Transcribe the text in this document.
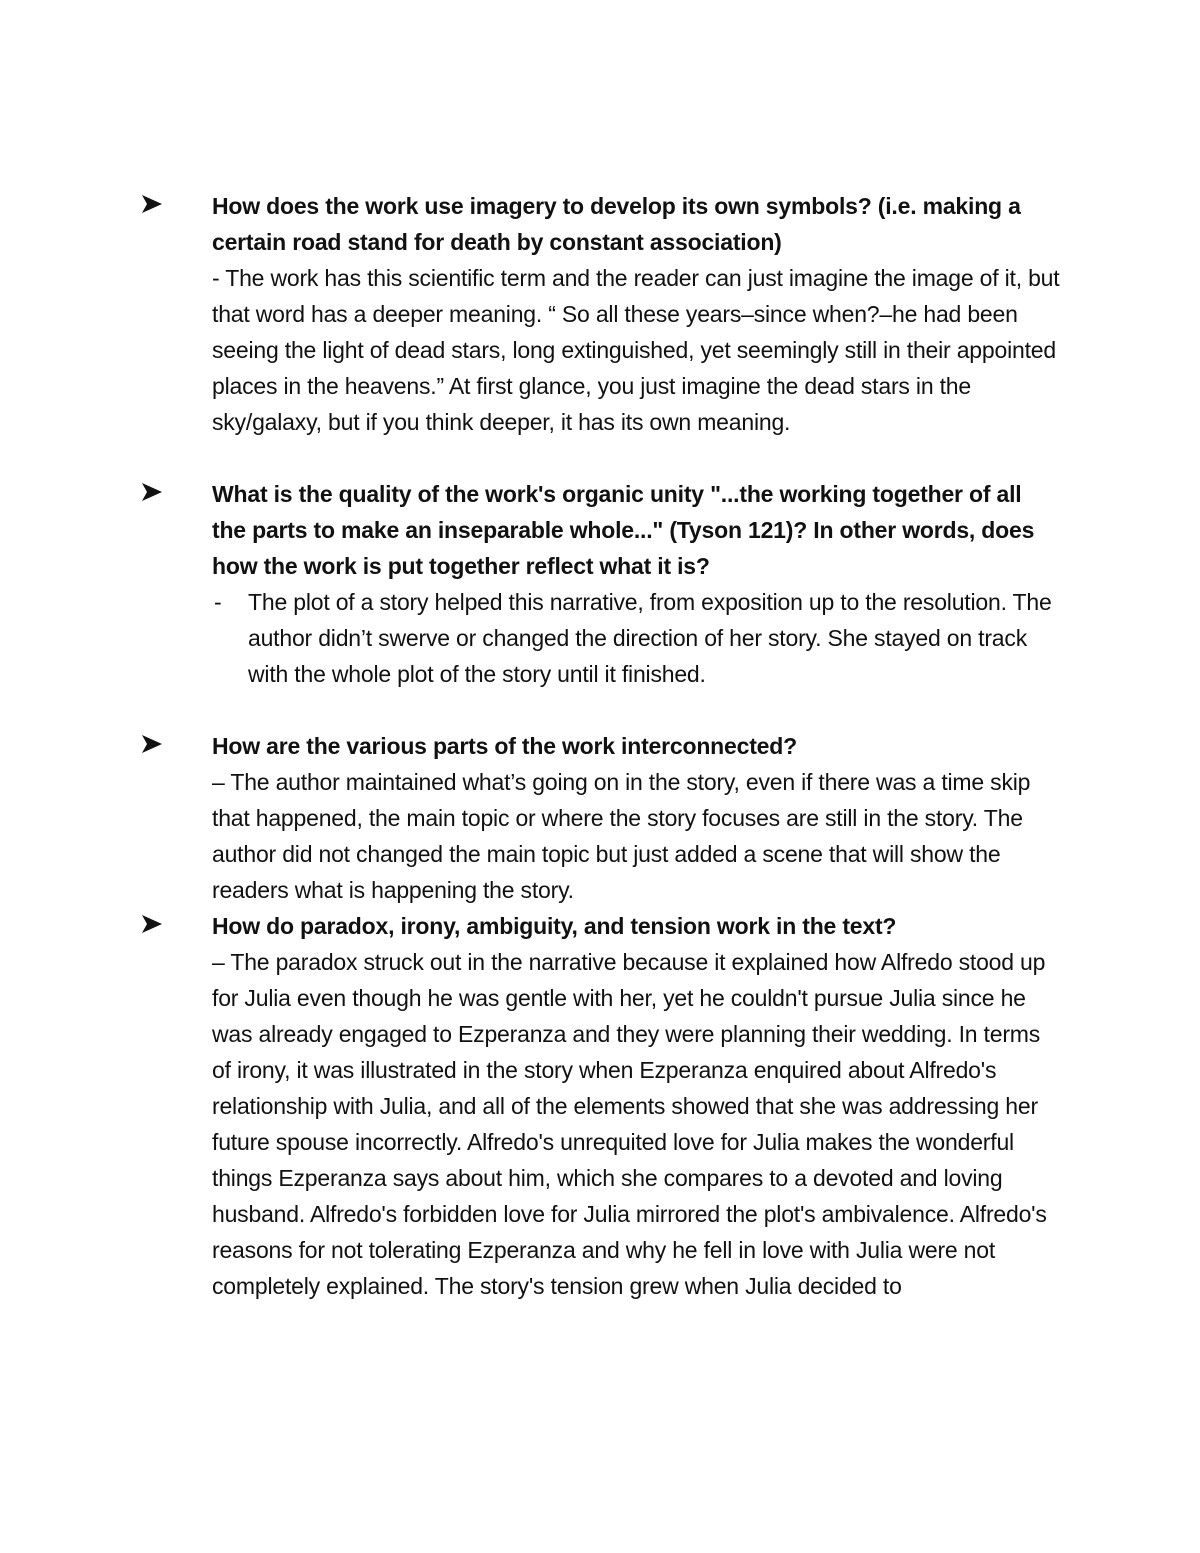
How does the work use imagery to develop its own symbols? (i.e. making a certain road stand for death by constant association)

- The work has this scientific term and the reader can just imagine the image of it, but that word has a deeper meaning. “ So all these years–since when?–he had been seeing the light of dead stars, long extinguished, yet seemingly still in their appointed places in the heavens.” At first glance, you just imagine the dead stars in the sky/galaxy, but if you think deeper, it has its own meaning.

What is the quality of the work's organic unity "...the working together of all the parts to make an inseparable whole..." (Tyson 121)? In other words, does how the work is put together reflect what it is?

- The plot of a story helped this narrative, from exposition up to the resolution. The author didn’t swerve or changed the direction of her story. She stayed on track with the whole plot of the story until it finished.

How are the various parts of the work interconnected?

– The author maintained what’s going on in the story, even if there was a time skip that happened, the main topic or where the story focuses are still in the story. The author did not changed the main topic but just added a scene that will show the readers what is happening the story.

How do paradox, irony, ambiguity, and tension work in the text?

– The paradox struck out in the narrative because it explained how Alfredo stood up for Julia even though he was gentle with her, yet he couldn't pursue Julia since he was already engaged to Ezperanza and they were planning their wedding. In terms of irony, it was illustrated in the story when Ezperanza enquired about Alfredo's relationship with Julia, and all of the elements showed that she was addressing her future spouse incorrectly. Alfredo's unrequited love for Julia makes the wonderful things Ezperanza says about him, which she compares to a devoted and loving husband. Alfredo's forbidden love for Julia mirrored the plot's ambivalence. Alfredo's reasons for not tolerating Ezperanza and why he fell in love with Julia were not completely explained. The story's tension grew when Julia decided to
